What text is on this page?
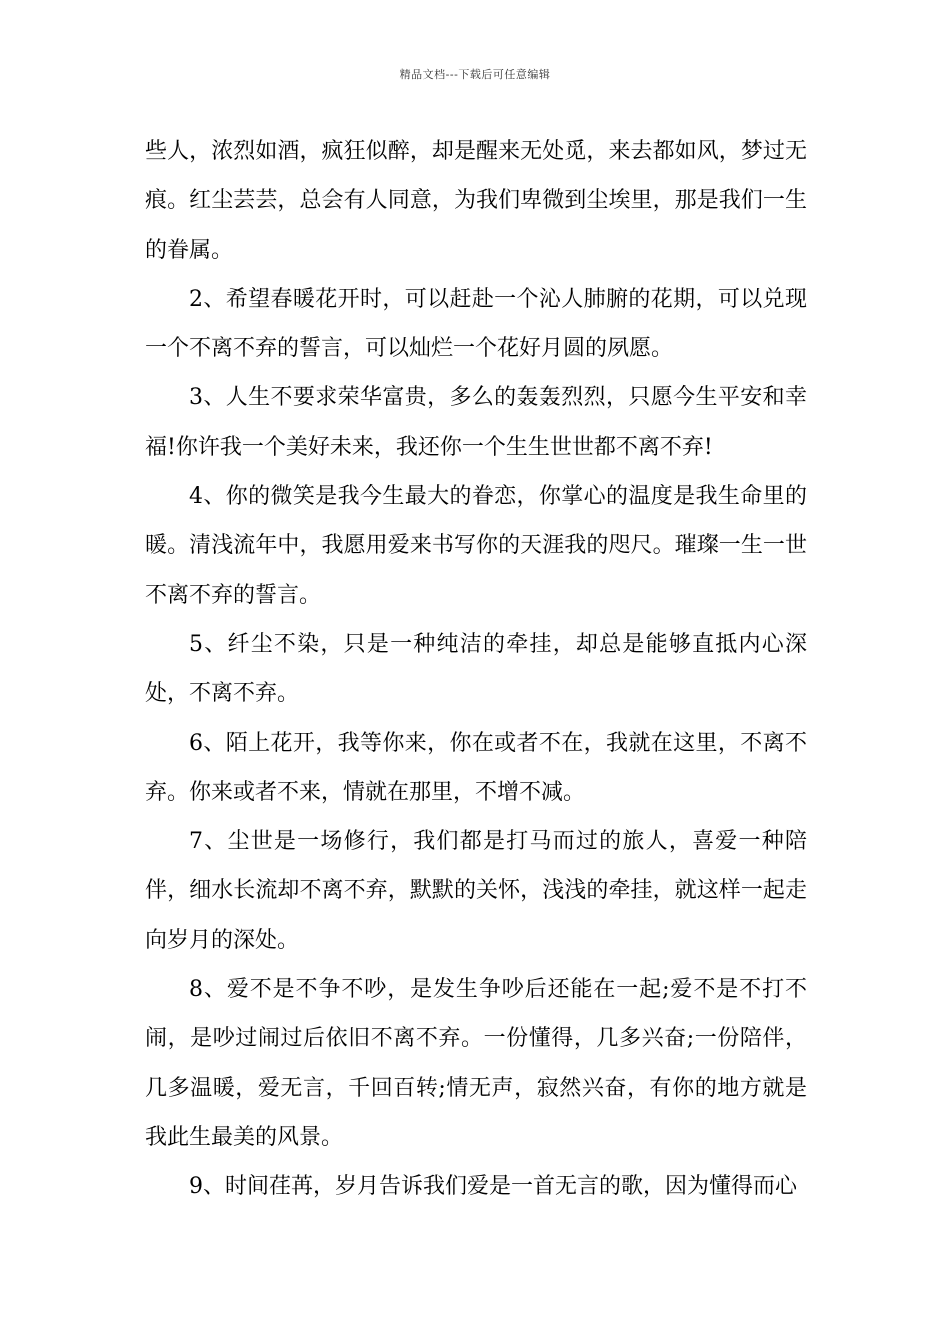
精品文档---下载后可任意编辑

些人，浓烈如酒，疯狂似醉，却是醒来无处觅，来去都如风，梦过无痕。红尘芸芸，总会有人同意，为我们卑微到尘埃里，那是我们一生的眷属。

2、希望春暖花开时，可以赶赴一个沁人肺腑的花期，可以兑现一个不离不弃的誓言，可以灿烂一个花好月圆的夙愿。

3、人生不要求荣华富贵，多么的轰轰烈烈，只愿今生平安和幸福!你许我一个美好未来，我还你一个生生世世都不离不弃!

4、你的微笑是我今生最大的眷恋，你掌心的温度是我生命里的暖。清浅流年中，我愿用爱来书写你的天涯我的咫尺。璀璨一生一世不离不弃的誓言。

5、纤尘不染，只是一种纯洁的牵挂，却总是能够直抵内心深处，不离不弃。

6、陌上花开，我等你来，你在或者不在，我就在这里，不离不弃。你来或者不来，情就在那里，不增不减。

7、尘世是一场修行，我们都是打马而过的旅人，喜爱一种陪伴，细水长流却不离不弃，默默的关怀，浅浅的牵挂，就这样一起走向岁月的深处。

8、爱不是不争不吵，是发生争吵后还能在一起;爱不是不打不闹，是吵过闹过后依旧不离不弃。一份懂得，几多兴奋;一份陪伴，几多温暖，爱无言，千回百转;情无声，寂然兴奋，有你的地方就是我此生最美的风景。

9、时间荏苒，岁月告诉我们爱是一首无言的歌，因为懂得而心
